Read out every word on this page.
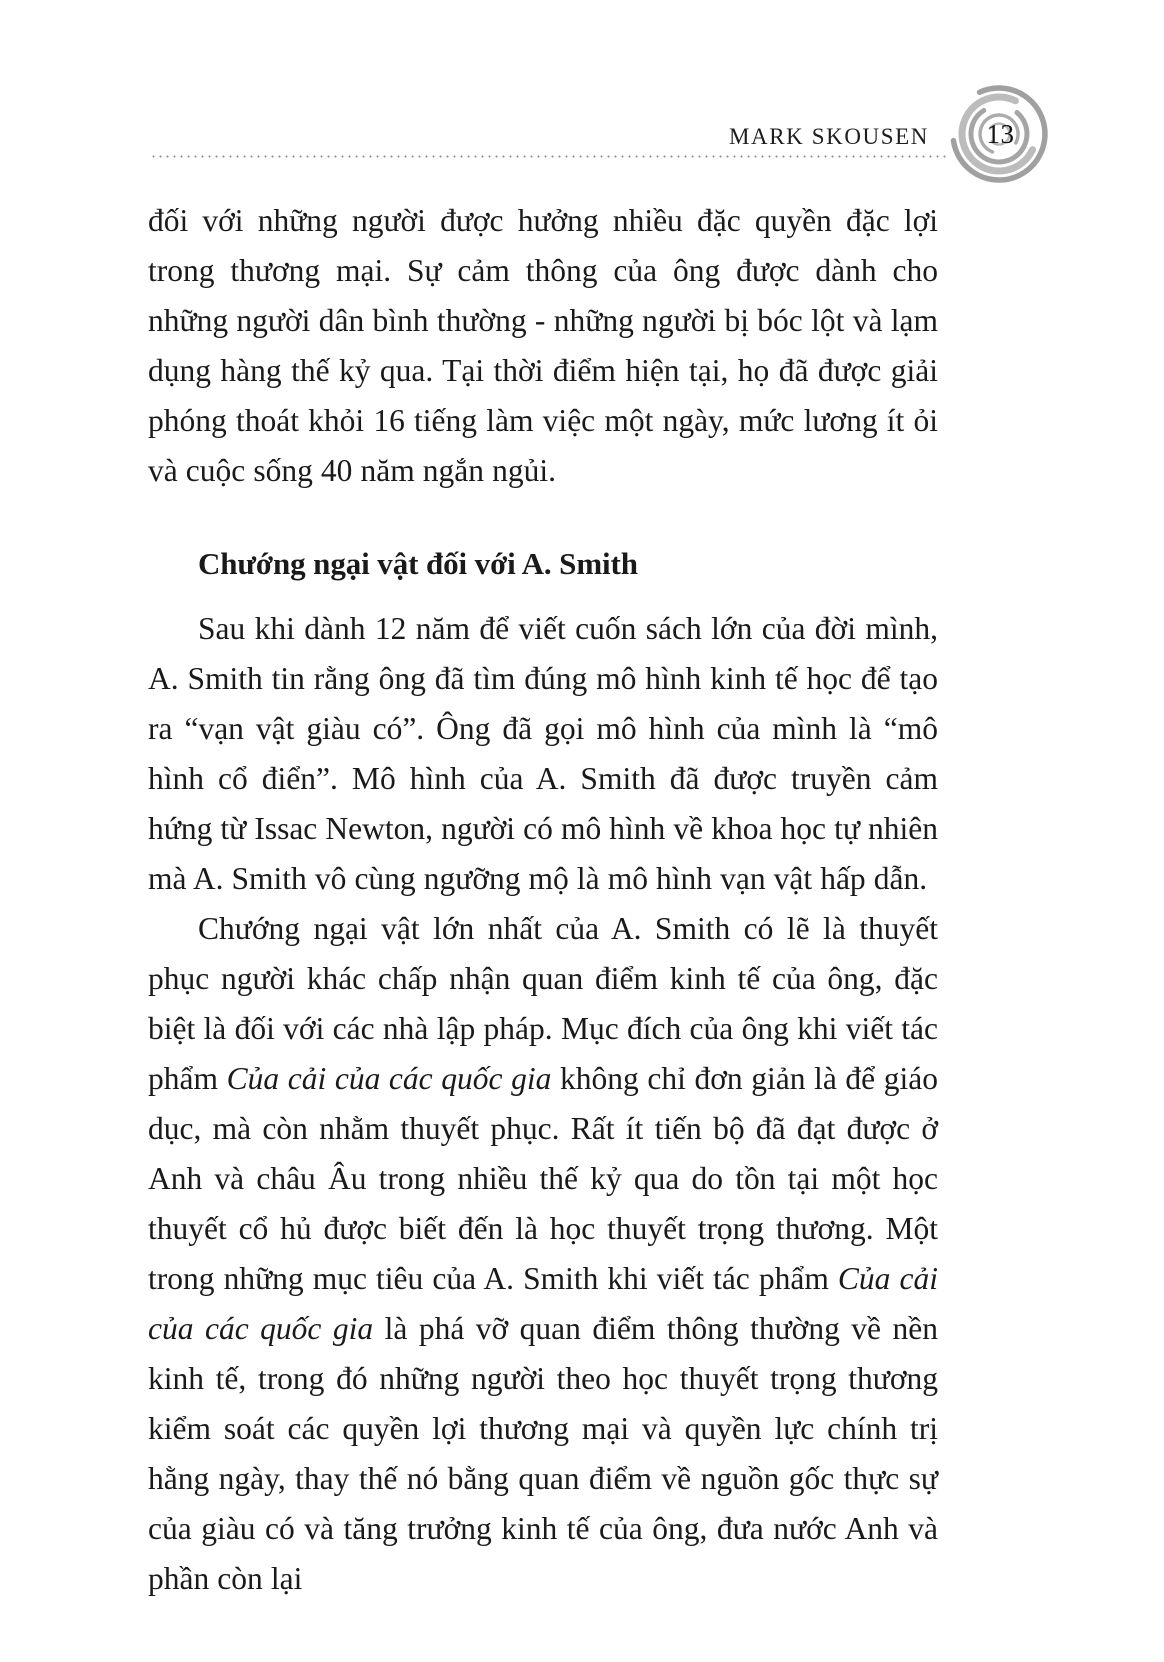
MARK SKOUSEN	13

đối với những người được hưởng nhiều đặc quyền đặc lợi trong thương mại. Sự cảm thông của ông được dành cho những người dân bình thường - những người bị bóc lột và lạm dụng hàng thế kỷ qua. Tại thời điểm hiện tại, họ đã được giải phóng thoát khỏi 16 tiếng làm việc một ngày, mức lương ít ỏi và cuộc sống 40 năm ngắn ngủi.

Chướng ngại vật đối với A. Smith

Sau khi dành 12 năm để viết cuốn sách lớn của đời mình, A. Smith tin rằng ông đã tìm đúng mô hình kinh tế học để tạo ra “vạn vật giàu có”. Ông đã gọi mô hình của mình là “mô hình cổ điển”. Mô hình của A. Smith đã được truyền cảm hứng từ Issac Newton, người có mô hình về khoa học tự nhiên mà A. Smith vô cùng ngưỡng mộ là mô hình vạn vật hấp dẫn.

Chướng ngại vật lớn nhất của A. Smith có lẽ là thuyết phục người khác chấp nhận quan điểm kinh tế của ông, đặc biệt là đối với các nhà lập pháp. Mục đích của ông khi viết tác phẩm Của cải của các quốc gia không chỉ đơn giản là để giáo dục, mà còn nhằm thuyết phục. Rất ít tiến bộ đã đạt được ở Anh và châu Âu trong nhiều thế kỷ qua do tồn tại một học thuyết cổ hủ được biết đến là học thuyết trọng thương. Một trong những mục tiêu của A. Smith khi viết tác phẩm Của cải của các quốc gia là phá vỡ quan điểm thông thường về nền kinh tế, trong đó những người theo học thuyết trọng thương kiểm soát các quyền lợi thương mại và quyền lực chính trị hằng ngày, thay thế nó bằng quan điểm về nguồn gốc thực sự của giàu có và tăng trưởng kinh tế của ông, đưa nước Anh và phần còn lại
